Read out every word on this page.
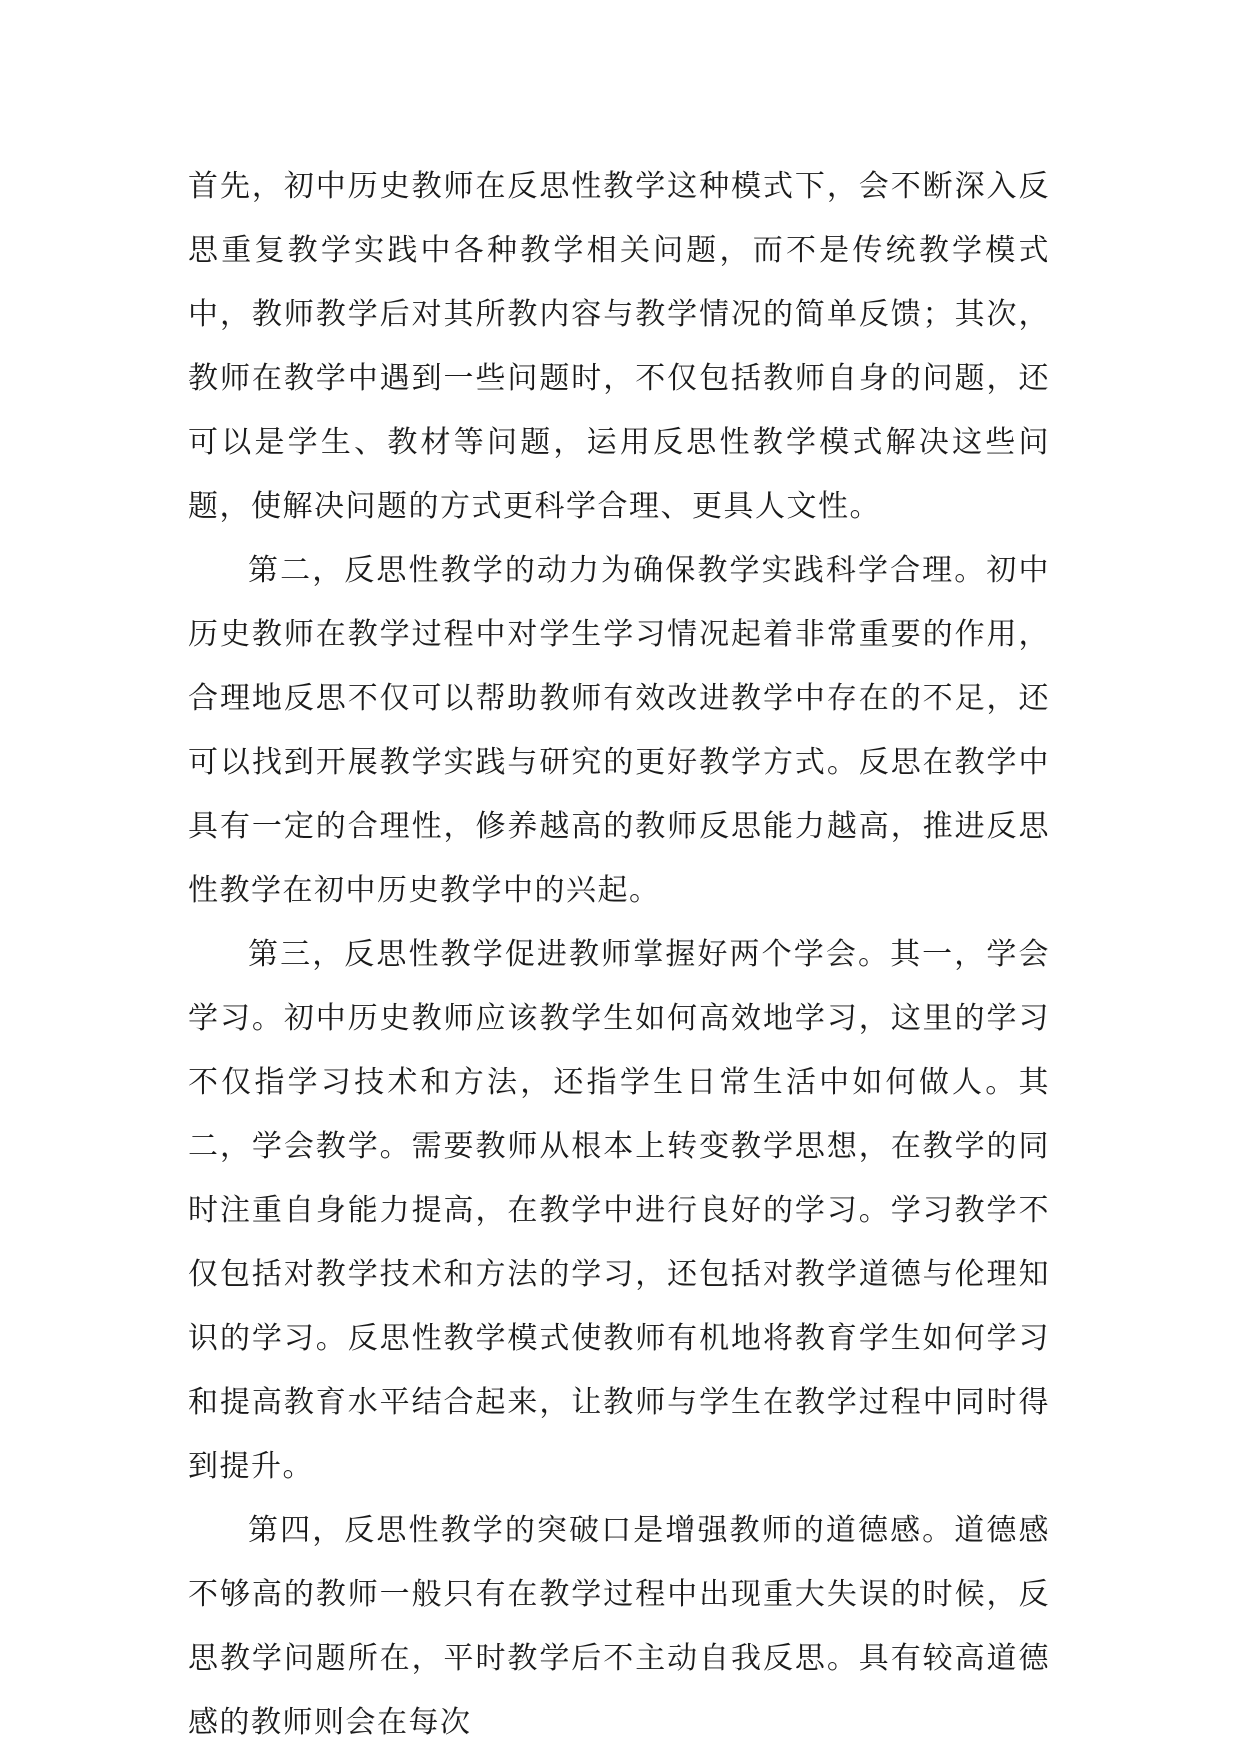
首先，初中历史教师在反思性教学这种模式下，会不断深入反思重复教学实践中各种教学相关问题，而不是传统教学模式中，教师教学后对其所教内容与教学情况的简单反馈；其次，教师在教学中遇到一些问题时，不仅包括教师自身的问题，还可以是学生、教材等问题，运用反思性教学模式解决这些问题，使解决问题的方式更科学合理、更具人文性。

第二，反思性教学的动力为确保教学实践科学合理。初中历史教师在教学过程中对学生学习情况起着非常重要的作用，合理地反思不仅可以帮助教师有效改进教学中存在的不足，还可以找到开展教学实践与研究的更好教学方式。反思在教学中具有一定的合理性，修养越高的教师反思能力越高，推进反思性教学在初中历史教学中的兴起。

第三，反思性教学促进教师掌握好两个学会。其一，学会学习。初中历史教师应该教学生如何高效地学习，这里的学习不仅指学习技术和方法，还指学生日常生活中如何做人。其二，学会教学。需要教师从根本上转变教学思想，在教学的同时注重自身能力提高，在教学中进行良好的学习。学习教学不仅包括对教学技术和方法的学习，还包括对教学道德与伦理知识的学习。反思性教学模式使教师有机地将教育学生如何学习和提高教育水平结合起来，让教师与学生在教学过程中同时得到提升。

第四，反思性教学的突破口是增强教师的道德感。道德感不够高的教师一般只有在教学过程中出现重大失误的时候，反思教学问题所在，平时教学后不主动自我反思。具有较高道德感的教师则会在每次
